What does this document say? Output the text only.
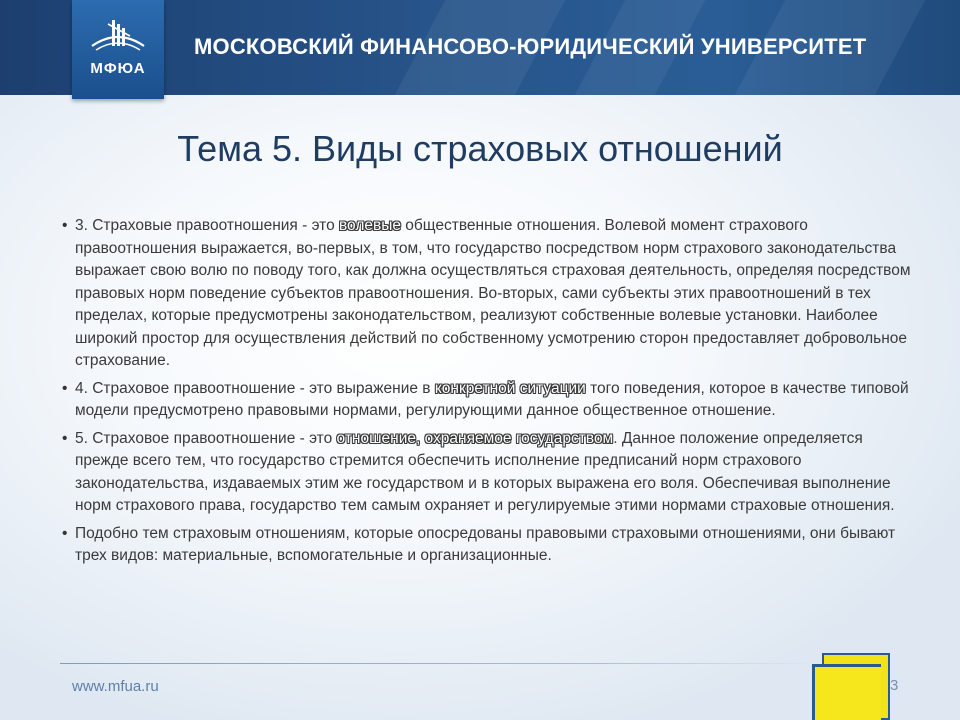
МОСКОВСКИЙ ФИНАНСОВО-ЮРИДИЧЕСКИЙ УНИВЕРСИТЕТ
МФЮА
Тема 5. Виды страховых отношений
• 3. Страховые правоотношения - это волевые общественные отношения. Волевой момент страхового правоотношения выражается, во-первых, в том, что государство посредством норм страхового законодательства выражает свою волю по поводу того, как должна осуществляться страховая деятельность, определяя посредством правовых норм поведение субъектов правоотношения. Во-вторых, сами субъекты этих правоотношений в тех пределах, которые предусмотрены законодательством, реализуют собственные волевые установки. Наиболее широкий простор для осуществления действий по собственному усмотрению сторон предоставляет добровольное страхование.
• 4. Страховое правоотношение - это выражение в конкретной ситуации того поведения, которое в качестве типовой модели предусмотрено правовыми нормами, регулирующими данное общественное отношение.
• 5. Страховое правоотношение - это отношение, охраняемое государством. Данное положение определяется прежде всего тем, что государство стремится обеспечить исполнение предписаний норм страхового законодательства, издаваемых этим же государством и в которых выражена его воля. Обеспечивая выполнение норм страхового права, государство тем самым охраняет и регулируемые этими нормами страховые отношения.
• Подобно тем страховым отношениям, которые опосредованы правовыми страховыми отношениями, они бывают трех видов: материальные, вспомогательные и организационные.
www.mfua.ru	3
